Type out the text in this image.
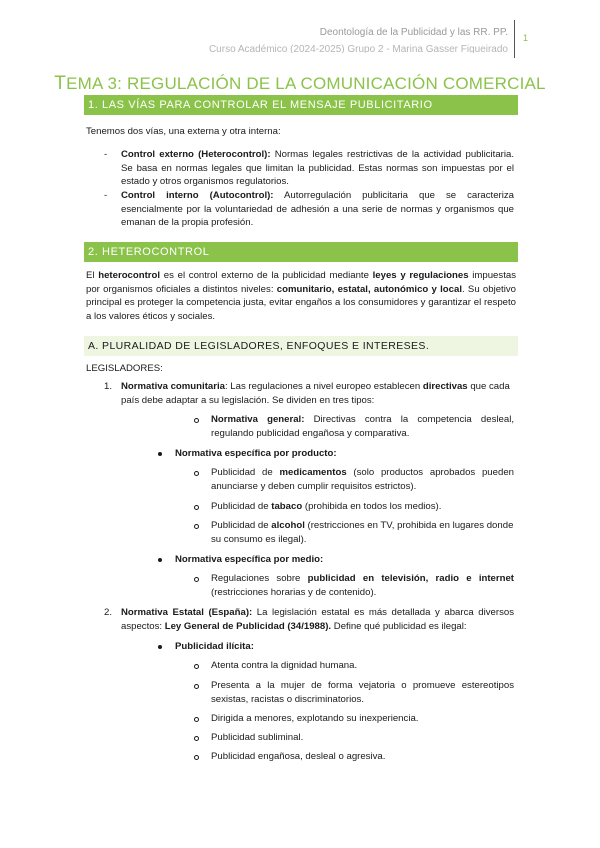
Deontología de la Publicidad y las RR. PP.
Curso Académico (2024-2025) Grupo 2 - Marina Gasser Figueirado
1
TEMA 3: REGULACIÓN DE LA COMUNICACIÓN COMERCIAL
1. LAS VÍAS PARA CONTROLAR EL MENSAJE PUBLICITARIO
Tenemos dos vías, una externa y otra interna:
- Control externo (Heterocontrol): Normas legales restrictivas de la actividad publicitaria. Se basa en normas legales que limitan la publicidad. Estas normas son impuestas por el estado y otros organismos regulatorios.
- Control interno (Autocontrol): Autorregulación publicitaria que se caracteriza esencialmente por la voluntariedad de adhesión a una serie de normas y organismos que emanan de la propia profesión.
2. HETEROCONTROL
El heterocontrol es el control externo de la publicidad mediante leyes y regulaciones impuestas por organismos oficiales a distintos niveles: comunitario, estatal, autonómico y local. Su objetivo principal es proteger la competencia justa, evitar engaños a los consumidores y garantizar el respeto a los valores éticos y sociales.
A. PLURALIDAD DE LEGISLADORES, ENFOQUES E INTERESES.
LEGISLADORES:
1. Normativa comunitaria: Las regulaciones a nivel europeo establecen directivas que cada país debe adaptar a su legislación. Se dividen en tres tipos:
Normativa general: Directivas contra la competencia desleal, regulando publicidad engañosa y comparativa.
Normativa específica por producto:
Publicidad de medicamentos (solo productos aprobados pueden anunciarse y deben cumplir requisitos estrictos).
Publicidad de tabaco (prohibida en todos los medios).
Publicidad de alcohol (restricciones en TV, prohibida en lugares donde su consumo es ilegal).
Normativa específica por medio:
Regulaciones sobre publicidad en televisión, radio e internet (restricciones horarias y de contenido).
2. Normativa Estatal (España): La legislación estatal es más detallada y abarca diversos aspectos: Ley General de Publicidad (34/1988). Define qué publicidad es ilegal:
Publicidad ilícita:
Atenta contra la dignidad humana.
Presenta a la mujer de forma vejatoria o promueve estereotipos sexistas, racistas o discriminatorios.
Dirigida a menores, explotando su inexperiencia.
Publicidad subliminal.
Publicidad engañosa, desleal o agresiva.
